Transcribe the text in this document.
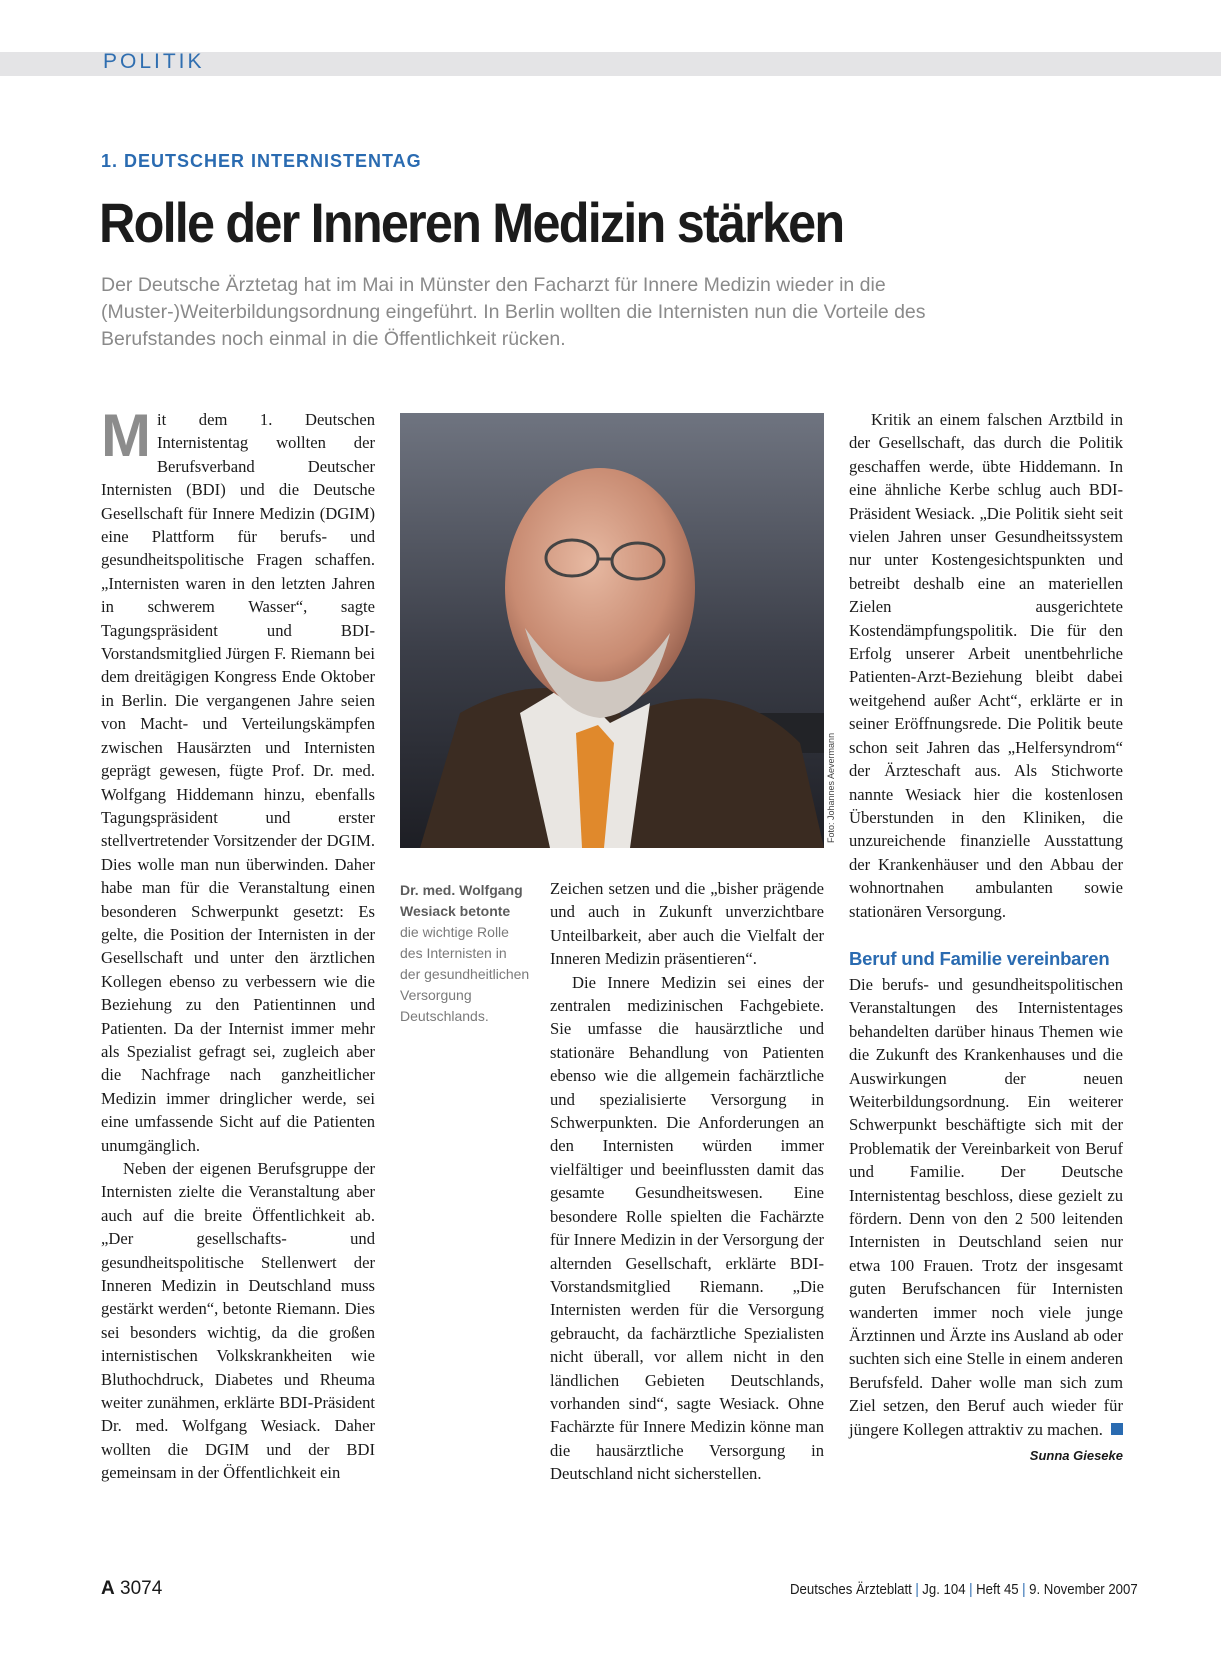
POLITIK
1. DEUTSCHER INTERNISTENTAG
Rolle der Inneren Medizin stärken

Der Deutsche Ärztetag hat im Mai in Münster den Facharzt für Innere Medizin wieder in die (Muster-)Weiterbildungsordnung eingeführt. In Berlin wollten die Internisten nun die Vorteile des Berufstandes noch einmal in die Öffentlichkeit rücken.

Mit dem 1. Deutschen Internistentag wollten der Berufsverband Deutscher Internisten (BDI) und die Deutsche Gesellschaft für Innere Medizin (DGIM) eine Plattform für berufs- und gesundheitspolitische Fragen schaffen. „Internisten waren in den letzten Jahren in schwerem Wasser“, sagte Tagungspräsident und BDI-Vorstandsmitglied Jürgen F. Riemann bei dem dreitägigen Kongress Ende Oktober in Berlin. Die vergangenen Jahre seien von Macht- und Verteilungskämpfen zwischen Hausärzten und Internisten geprägt gewesen, fügte Prof. Dr. med. Wolfgang Hiddemann hinzu, ebenfalls Tagungspräsident und erster stellvertretender Vorsitzender der DGIM. Dies wolle man nun überwinden. Daher habe man für die Veranstaltung einen besonderen Schwerpunkt gesetzt: Es gelte, die Position der Internisten in der Gesellschaft und unter den ärztlichen Kollegen ebenso zu verbessern wie die Beziehung zu den Patientinnen und Patienten. Da der Internist immer mehr als Spezialist gefragt sei, zugleich aber die Nachfrage nach ganzheitlicher Medizin immer dringlicher werde, sei eine umfassende Sicht auf die Patienten unumgänglich.

Neben der eigenen Berufsgruppe der Internisten zielte die Veranstaltung aber auch auf die breite Öffentlichkeit ab. „Der gesellschafts- und gesundheitspolitische Stellenwert der Inneren Medizin in Deutschland muss gestärkt werden“, betonte Riemann. Dies sei besonders wichtig, da die großen internistischen Volkskrankheiten wie Bluthochdruck, Diabetes und Rheuma weiter zunähmen, erklärte BDI-Präsident Dr. med. Wolfgang Wesiack. Daher wollten die DGIM und der BDI gemeinsam in der Öffentlichkeit ein

Foto: Johannes Aevermann
Dr. med. Wolfgang Wesiack betonte die wichtige Rolle des Internisten in der gesundheitlichen Versorgung Deutschlands.

Zeichen setzen und die „bisher prägende und auch in Zukunft unverzichtbare Unteilbarkeit, aber auch die Vielfalt der Inneren Medizin präsentieren“.

Die Innere Medizin sei eines der zentralen medizinischen Fachgebiete. Sie umfasse die hausärztliche und stationäre Behandlung von Patienten ebenso wie die allgemein fachärztliche und spezialisierte Versorgung in Schwerpunkten. Die Anforderungen an den Internisten würden immer vielfältiger und beeinflussten damit das gesamte Gesundheitswesen. Eine besondere Rolle spielten die Fachärzte für Innere Medizin in der Versorgung der alternden Gesellschaft, erklärte BDI-Vorstandsmitglied Riemann. „Die Internisten werden für die Versorgung gebraucht, da fachärztliche Spezialisten nicht überall, vor allem nicht in den ländlichen Gebieten Deutschlands, vorhanden sind“, sagte Wesiack. Ohne Fachärzte für Innere Medizin könne man die hausärztliche Versorgung in Deutschland nicht sicherstellen.

Kritik an einem falschen Arztbild in der Gesellschaft, das durch die Politik geschaffen werde, übte Hiddemann. In eine ähnliche Kerbe schlug auch BDI-Präsident Wesiack. „Die Politik sieht seit vielen Jahren unser Gesundheitssystem nur unter Kostengesichtspunkten und betreibt deshalb eine an materiellen Zielen ausgerichtete Kostendämpfungspolitik. Die für den Erfolg unserer Arbeit unentbehrliche Patienten-Arzt-Beziehung bleibt dabei weitgehend außer Acht“, erklärte er in seiner Eröffnungsrede. Die Politik beute schon seit Jahren das „Helfersyndrom“ der Ärzteschaft aus. Als Stichworte nannte Wesiack hier die kostenlosen Überstunden in den Kliniken, die unzureichende finanzielle Ausstattung der Krankenhäuser und den Abbau der wohnortnahen ambulanten sowie stationären Versorgung.

Beruf und Familie vereinbaren

Die berufs- und gesundheitspolitischen Veranstaltungen des Internistentages behandelten darüber hinaus Themen wie die Zukunft des Krankenhauses und die Auswirkungen der neuen Weiterbildungsordnung. Ein weiterer Schwerpunkt beschäftigte sich mit der Problematik der Vereinbarkeit von Beruf und Familie. Der Deutsche Internistentag beschloss, diese gezielt zu fördern. Denn von den 2 500 leitenden Internisten in Deutschland seien nur etwa 100 Frauen. Trotz der insgesamt guten Berufschancen für Internisten wanderten immer noch viele junge Ärztinnen und Ärzte ins Ausland ab oder suchten sich eine Stelle in einem anderen Berufsfeld. Daher wolle man sich zum Ziel setzen, den Beruf auch wieder für jüngere Kollegen attraktiv zu machen.

Sunna Gieseke
A 3074	Deutsches Ärzteblatt | Jg. 104 | Heft 45 | 9. November 2007
